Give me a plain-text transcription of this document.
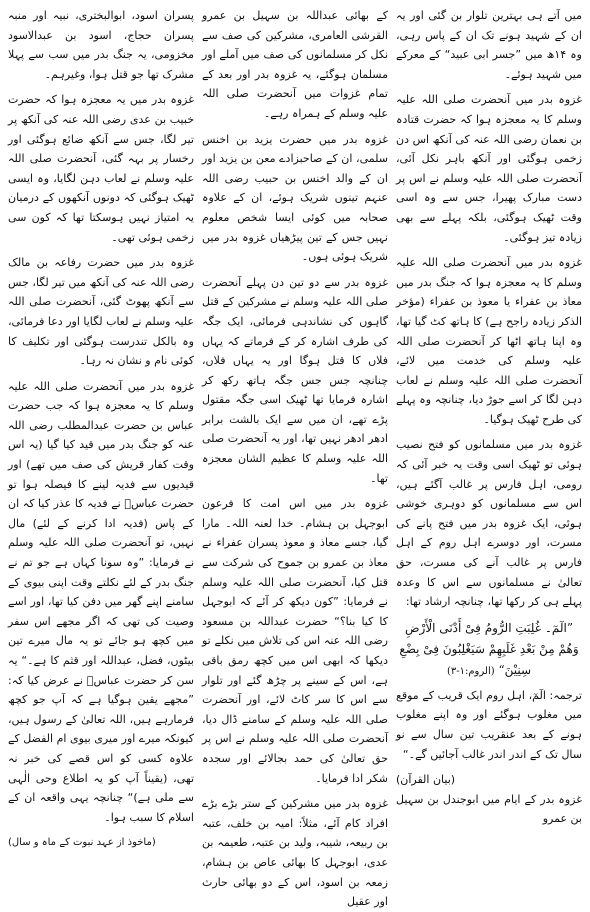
میں آتے ہی بہترین تلوار بن گئی اور یہ ان کے شہید ہونے تک ان کے پاس رہی، وہ ۱۴ھ میں ”جسر ابی عبید“ کے معرکے میں شہید ہوئے۔

غزوہ بدر میں آنحضرت صلی اللہ علیہ وسلم کا یہ معجزہ ہوا کہ حضرت قتادہ بن نعمان رضی اللہ عنہ کی آنکھ اس دن زخمی ہوگئی اور آنکھ باہر نکل آئی، آنحضرت صلی اللہ علیہ وسلم نے اس پر دست مبارک پھیرا، جس سے وہ اسی وقت ٹھیک ہوگئی، بلکہ پہلے سے بھی زیادہ تیز ہوگئی۔

غزوہ بدر میں آنحضرت صلی اللہ علیہ وسلم کا یہ معجزہ ہوا کہ جنگ بدر میں معاذ بن عفراء یا معوذ بن عفراء (مؤخر الذکر زیادہ راجح ہے) کا ہاتھ کٹ گیا تھا، وہ اپنا ہاتھ اٹھا کر آنحضرت صلی اللہ علیہ وسلم کی خدمت میں لائے، آنحضرت صلی اللہ علیہ وسلم نے لعاب دہن لگا کر اسے جوڑ دیا، چنانچہ وہ پہلے کی طرح ٹھیک ہوگیا۔

غزوہ بدر میں مسلمانوں کو فتح نصیب ہوئی تو ٹھیک اسی وقت یہ خبر آئی کہ رومی، اہل فارس پر غالب آگئے ہیں، اس سے مسلمانوں کو دوہری خوشی ہوئی، ایک غزوہ بدر میں فتح پانے کی مسرت، اور دوسرے اہل روم کے اہل فارس پر غالب آنے کی مسرت، حق تعالیٰ نے مسلمانوں سے اس کا وعدہ پہلے ہی کر رکھا تھا، چنانچہ ارشاد تھا:

”الٓمٓ۔ غُلِبَتِ الرُّومُ فِیْ أَدْنَی الْأَرْضِ وَهُمْ مِنْ بَعْدِ غَلَبِهِمْ سَيَغْلِبُونَ فِیْ بِضْعِ سِنِیْنَ“ (الروم:۱-۳)

ترجمہ: الٓمٓ، اہل روم ایک قریب کے موقع میں مغلوب ہوگئے اور وہ اپنے مغلوب ہونے کے بعد عنقریب تین سال سے نو سال تک کے اندر اندر غالب آجائیں گے۔“

(بیان القرآن)

غزوہ بدر کے ایام میں ابوجندل بن سہیل بن عمرو

کے بھائی عبداللہ بن سہیل بن عمرو القرشی العامری، مشرکین کی صف سے نکل کر مسلمانوں کی صف میں آملے اور مسلمان ہوگئے، یہ غزوہ بدر اور بعد کے تمام غزوات میں آنحضرت صلی اللہ علیہ وسلم کے ہمراہ رہے۔

غزوہ بدر میں حضرت یزید بن اخنس سلمی، ان کے صاحبزادے معن بن یزید اور ان کے والد اخنس بن حبیب رضی اللہ عنہم تینوں شریک ہوئے، ان کے علاوہ صحابہ میں کوئی ایسا شخص معلوم نہیں جس کے تین پیڑھیاں غزوہ بدر میں شریک ہوئی ہوں۔

غزوہ بدر سے دو تین دن پہلے آنحضرت صلی اللہ علیہ وسلم نے مشرکین کے قتل گاہوں کی نشاندہی فرمائی، ایک جگہ کی طرف اشارہ کر کے فرماتے کہ یہاں فلاں کا قتل ہوگا اور یہ یہاں فلاں، چنانچہ جس جس جگہ ہاتھ رکھ کر اشارہ فرمایا تھا ٹھیک اسی جگہ مقتول پڑے تھے، ان میں سے ایک بالشت برابر ادھر ادھر نہیں تھا، اور یہ آنحضرت صلی اللہ علیہ وسلم کا عظیم الشان معجزہ تھا۔

غزوہ بدر میں اس امت کا فرعون ابوجہل بن ہشام۔ خدا لعنہ اللہ۔ مارا گیا، جسے معاذ و معوذ پسران عفراء نے معاذ بن عمرو بن جموح کی شرکت سے قتل کیا، آنحضرت صلی اللہ علیہ وسلم نے فرمایا: ”کون دیکھ کر آئے کہ ابوجہل کا کیا بنا؟“ حضرت عبداللہ بن مسعود رضی اللہ عنہ اس کی تلاش میں نکلے تو دیکھا کہ ابھی اس میں کچھ رمق باقی ہے، اس کے سینے پر چڑھ گئے اور تلوار سے اس کا سر کاٹ لائے، اور آنحضرت صلی اللہ علیہ وسلم کے سامنے ڈال دیا، آنحضرت صلی اللہ علیہ وسلم نے اس پر حق تعالیٰ کی حمد بجالائے اور سجدہ شکر ادا فرمایا۔

غزوہ بدر میں مشرکین کے ستر بڑے بڑے افراد کام آئے، مثلاً: امیہ بن خلف، عتبہ بن ربیعہ، شیبہ، ولید بن عتبہ، طعیمہ بن عدی، ابوجہل کا بھائی عاص بن ہشام، زمعہ بن اسود، اس کے دو بھائی حارث اور عقیل

پسران اسود، ابوالبختری، نبیہ اور منبہ پسران حجاج، اسود بن عبدالاسود مخزومی، یہ جنگ بدر میں سب سے پہلا مشرک تھا جو قتل ہوا، وغیرہم۔

غزوہ بدر میں یہ معجزہ ہوا کہ حضرت خبیب بن عدی رضی اللہ عنہ کی آنکھ پر تیر لگا، جس سے آنکھ ضائع ہوگئی اور رخسار پر بہہ گئی، آنحضرت صلی اللہ علیہ وسلم نے لعاب دہن لگایا، وہ ایسی ٹھیک ہوگئی کہ دونوں آنکھوں کے درمیان یہ امتیاز نہیں ہوسکتا تھا کہ کون سی زخمی ہوئی تھی۔

غزوہ بدر میں حضرت رفاعہ بن مالک رضی اللہ عنہ کی آنکھ میں تیر لگا، جس سے آنکھ پھوٹ گئی، آنحضرت صلی اللہ علیہ وسلم نے لعاب لگایا اور دعا فرمائی، وہ بالکل تندرست ہوگئی اور تکلیف کا کوئی نام و نشان نہ رہا۔

غزوہ بدر میں آنحضرت صلی اللہ علیہ وسلم کا یہ معجزہ ہوا کہ جب حضرت عباس بن حضرت عبدالمطلب رضی اللہ عنہ کو جنگ بدر میں قید کیا گیا (یہ اس وقت کفار قریش کی صف میں تھے) اور قیدیوں سے فدیہ لینے کا فیصلہ ہوا تو حضرت عباسؓ نے فدیہ کا عذر کیا کہ ان کے پاس (فدیہ ادا کرنے کے لئے) مال نہیں، تو آنحضرت صلی اللہ علیہ وسلم نے فرمایا: ”وہ سونا کہاں ہے جو تم نے جنگ بدر کے لئے نکلتے وقت اپنی بیوی کے سامنے اپنے گھر میں دفن کیا تھا، اور اسے وصیت کی تھی کہ اگر مجھے اس سفر میں کچھ ہو جائے تو یہ مال میرے تین بیٹوں، فضل، عبداللہ اور قثم کا ہے۔“ یہ سن کر حضرت عباسؓ نے عرض کیا کہ: ”مجھے یقین ہوگیا ہے کہ آپ جو کچھ فرمارہے ہیں، اللہ تعالیٰ کے رسول ہیں، کیونکہ میرے اور میری بیوی ام الفضل کے علاوہ کسی کو اس قصے کی خبر نہ تھی، (یقیناً آپ کو یہ اطلاع وحی الٰہی سے ملی ہے)“ چنانچہ یہی واقعہ ان کے اسلام کا سبب ہوا۔

(ماخوذ از عہد نبوت کے ماہ و سال)
